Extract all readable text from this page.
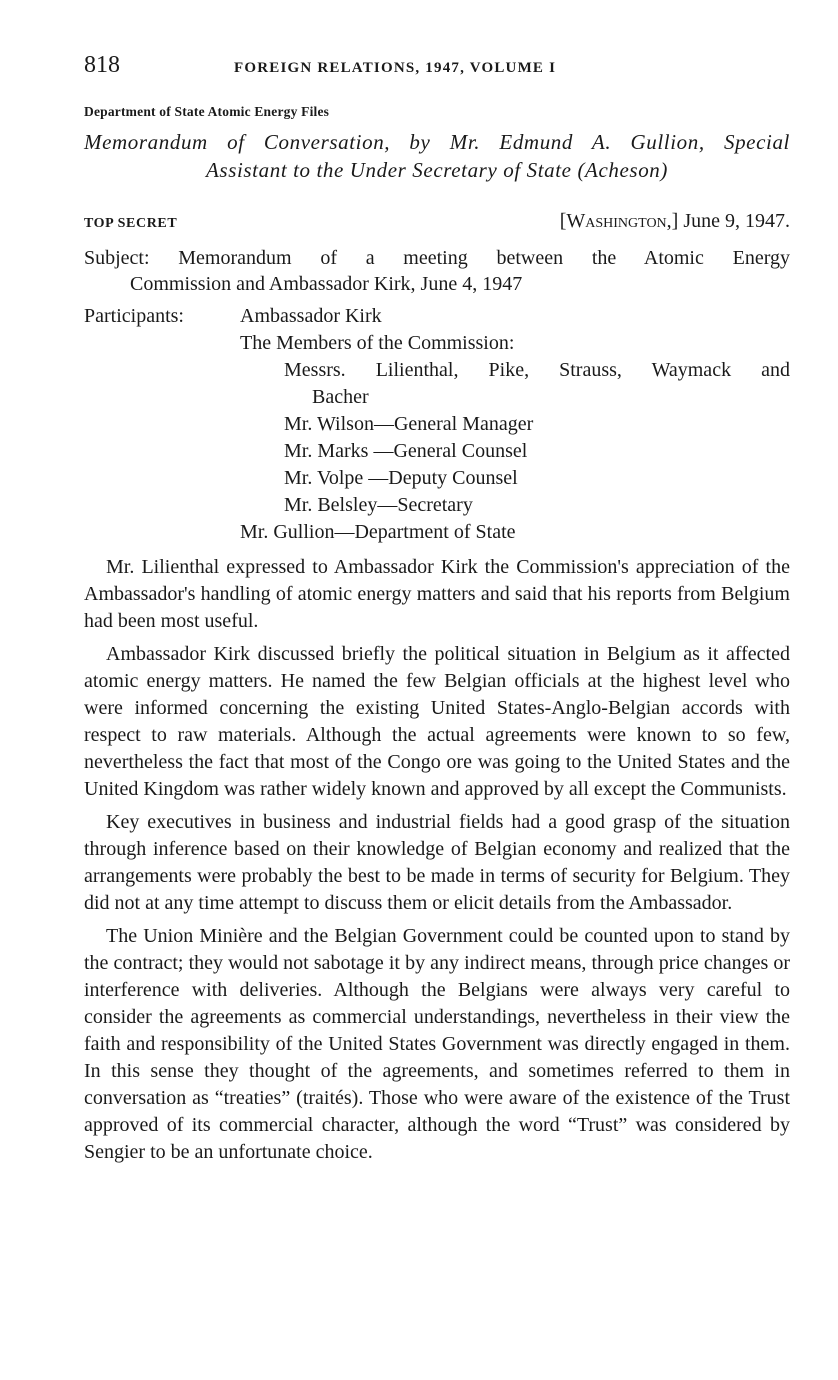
818	FOREIGN RELATIONS, 1947, VOLUME I
Department of State Atomic Energy Files
Memorandum of Conversation, by Mr. Edmund A. Gullion, Special
Assistant to the Under Secretary of State (Acheson)
TOP SECRET	[Washington,] June 9, 1947.
Subject: Memorandum of a meeting between the Atomic Energy
Commission and Ambassador Kirk, June 4, 1947
Participants:	Ambassador Kirk
The Members of the Commission:
Messrs. Lilienthal, Pike, Strauss, Waymack and
Bacher
Mr. Wilson—General Manager
Mr. Marks —General Counsel
Mr. Volpe —Deputy Counsel
Mr. Belsley—Secretary
Mr. Gullion—Department of State

Mr. Lilienthal expressed to Ambassador Kirk the Commission's appreciation of the Ambassador's handling of atomic energy matters and said that his reports from Belgium had been most useful.

Ambassador Kirk discussed briefly the political situation in Belgium as it affected atomic energy matters. He named the few Belgian officials at the highest level who were informed concerning the existing United States-Anglo-Belgian accords with respect to raw materials. Although the actual agreements were known to so few, nevertheless the fact that most of the Congo ore was going to the United States and the United Kingdom was rather widely known and approved by all except the Communists.

Key executives in business and industrial fields had a good grasp of the situation through inference based on their knowledge of Belgian economy and realized that the arrangements were probably the best to be made in terms of security for Belgium. They did not at any time attempt to discuss them or elicit details from the Ambassador.

The Union Minière and the Belgian Government could be counted upon to stand by the contract; they would not sabotage it by any indirect means, through price changes or interference with deliveries. Although the Belgians were always very careful to consider the agreements as commercial understandings, nevertheless in their view the faith and responsibility of the United States Government was directly engaged in them. In this sense they thought of the agreements, and sometimes referred to them in conversation as “treaties” (traités). Those who were aware of the existence of the Trust approved of its commercial character, although the word “Trust” was considered by Sengier to be an unfortunate choice.
